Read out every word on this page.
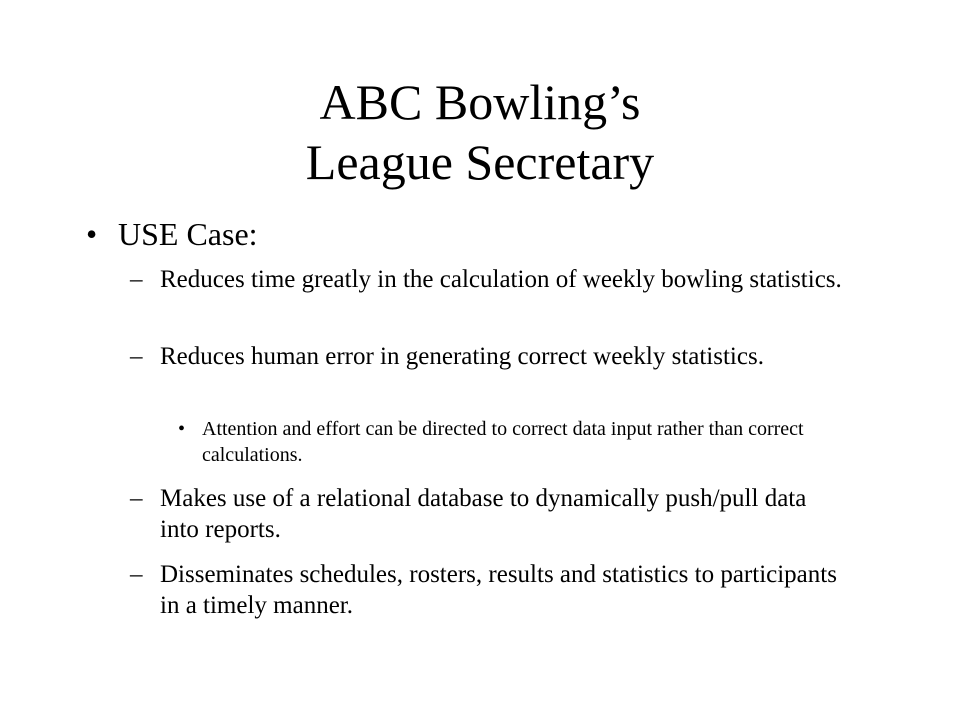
ABC Bowling’s
League Secretary
• USE Case:
– Reduces time greatly in the calculation of weekly bowling statistics.
– Reduces human error in generating correct weekly statistics.
• Attention and effort can be directed to correct data input rather than correct calculations.
– Makes use of a relational database to dynamically push/pull data into reports.
– Disseminates schedules, rosters, results and statistics to participants in a timely manner.
